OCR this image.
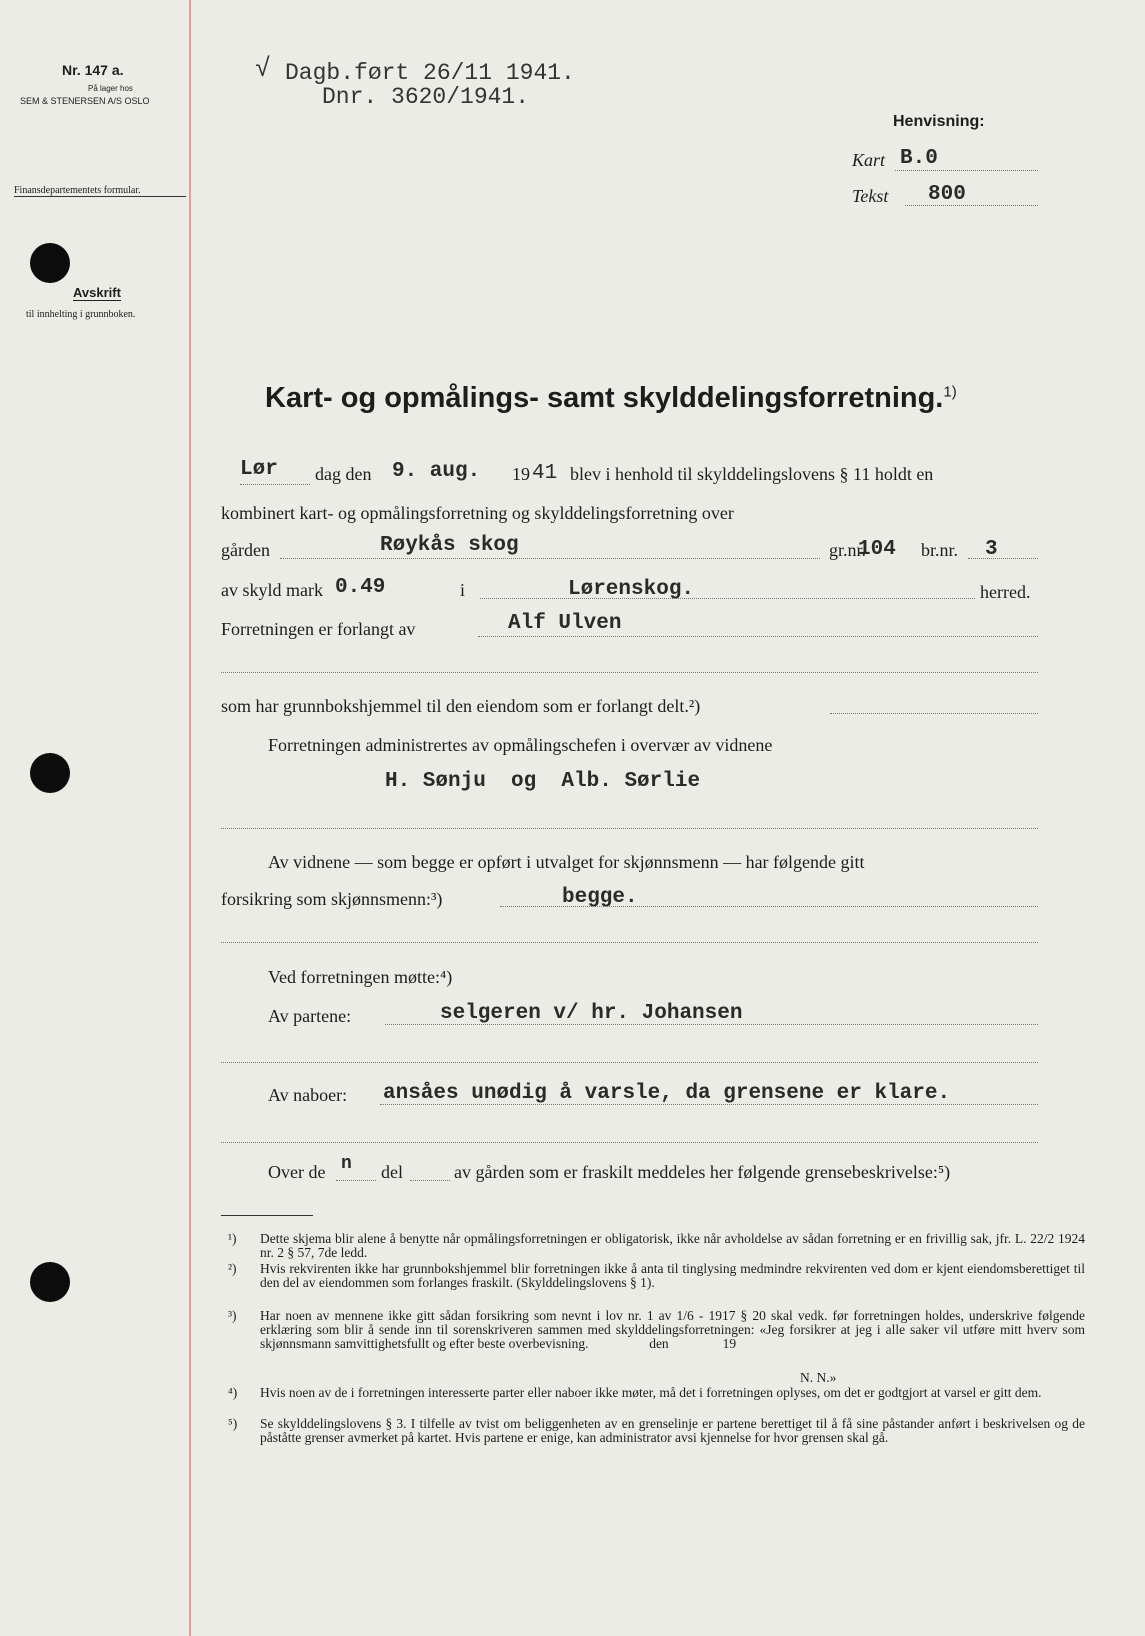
Nr. 147 a.
På lager hos
SEM & STENERSEN A/S OSLO
Finansdepartementets formular.
Avskrift
til innhelting i grunnboken.
√ Dagb.ført 26/11 1941.
Dnr. 3620/1941.
Henvisning:
Kart B.0
Tekst 800
Kart- og opmålings- samt skylddelingsforretning.$^{1)}$
Lør dag den 9. aug. 19 41 blev i henhold til skylddelingslovens § 11 holdt en
kombinert kart- og opmålingsforretning og skylddelingsforretning over
gården	Røykås skog	gr.nr.
104 br.nr. 3
av skyld mark 0.49	i	Lørenskog.	herred.
Forretningen er forlangt av	Alf Ulven
som har grunnbokshjemmel til den eiendom som er forlangt delt.²)
Forretningen administrertes av opmålingschefen i overvær av vidnene
H. Sønju  og  Alb. Sørlie
Av vidnene — som begge er opført i utvalget for skjønnsmenn — har følgende gitt
forsikring som skjønnsmenn:³)	begge.
Ved forretningen møtte:⁴)
Av partene:	selgeren v/ hr. Johansen
Av naboer: ansåes unødig å varsle, da grensene er klare.
Over de n del	av gården som er fraskilt meddeles her følgende grensebeskrivelse:⁵)
¹) Dette skjema blir alene å benytte når opmålingsforretningen er obligatorisk, ikke når avholdelse av sådan forretning er en frivillig sak, jfr. L. 22/2 1924 nr. 2 § 57, 7de ledd.
²) Hvis rekvirenten ikke har grunnbokshjemmel blir forretningen ikke å anta til tinglysing medmindre rekvirenten ved dom er kjent eiendomsberettiget til den del av eiendommen som forlanges fraskilt. (Skylddelingslovens § 1).
³) Har noen av mennene ikke gitt sådan forsikring som nevnt i lov nr. 1 av 1/6 - 1917 § 20 skal vedk. før forretningen holdes, underskrive følgende erklæring som blir å sende inn til sorenskriveren sammen med skylddelingsforretningen: «Jeg forsikrer at jeg i alle saker vil utføre mitt hverv som skjønnsmann samvittighetsfullt og efter beste overbevisning.                  den                19
N. N.»
⁴) Hvis noen av de i forretningen interesserte parter eller naboer ikke møter, må det i forretningen oplyses, om det er godtgjort at varsel er gitt dem.
⁵) Se skylddelingslovens § 3. I tilfelle av tvist om beliggenheten av en grenselinje er partene berettiget til å få sine påstander anført i beskrivelsen og de påståtte grenser avmerket på kartet. Hvis partene er enige, kan administrator avsi kjennelse for hvor grensen skal gå.
